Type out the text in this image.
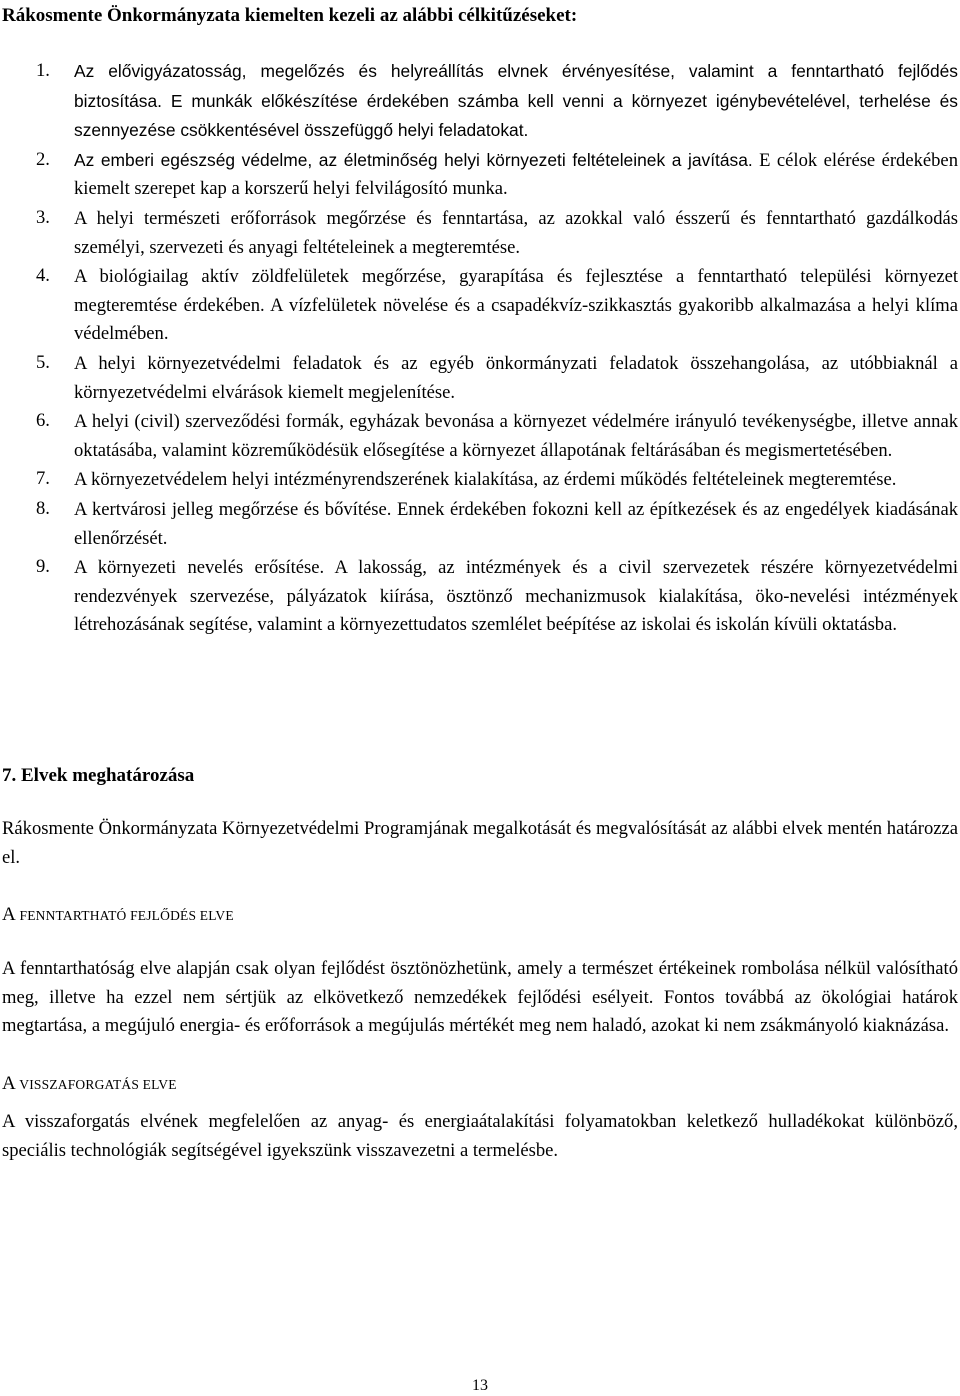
Rákosmente Önkormányzata kiemelten kezeli az alábbi célkitűzéseket:
1. Az elővigyázatosság, megelőzés és helyreállítás elvnek érvényesítése, valamint a fenntartható fejlődés biztosítása. E munkák előkészítése érdekében számba kell venni a környezet igénybevételével, terhelése és szennyezése csökkentésével összefüggő helyi feladatokat.
2. Az emberi egészség védelme, az életminőség helyi környezeti feltételeinek a javítása. E célok elérése érdekében kiemelt szerepet kap a korszerű helyi felvilágosító munka.
3. A helyi természeti erőforrások megőrzése és fenntartása, az azokkal való ésszerű és fenntartható gazdálkodás személyi, szervezeti és anyagi feltételeinek a megteremtése.
4. A biológiailag aktív zöldfelületek megőrzése, gyarapítása és fejlesztése a fenntartható települési környezet megteremtése érdekében. A vízfelületek növelése és a csapadékvíz-szikkasztás gyakoribb alkalmazása a helyi klíma védelmében.
5. A helyi környezetvédelmi feladatok és az egyéb önkormányzati feladatok összehangolása, az utóbbiaknál a környezetvédelmi elvárások kiemelt megjelenítése.
6. A helyi (civil) szerveződési formák, egyházak bevonása a környezet védelmére irányuló tevékenységbe, illetve annak oktatásába, valamint közreműködésük elősegítése a környezet állapotának feltárásában és megismertetésében.
7. A környezetvédelem helyi intézményrendszerének kialakítása, az érdemi működés feltételeinek megteremtése.
8. A kertvárosi jelleg megőrzése és bővítése. Ennek érdekében fokozni kell az építkezések és az engedélyek kiadásának ellenőrzését.
9. A környezeti nevelés erősítése. A lakosság, az intézmények és a civil szervezetek részére környezetvédelmi rendezvények szervezése, pályázatok kiírása, ösztönző mechanizmusok kialakítása, öko-nevelési intézmények létrehozásának segítése, valamint a környezettudatos szemlélet beépítése az iskolai és iskolán kívüli oktatásba.
7. Elvek meghatározása

Rákosmente Önkormányzata Környezetvédelmi Programjának megalkotását és megvalósítását az alábbi elvek mentén határozza el.

A FENNTARTHATÓ FEJLŐDÉS ELVE

A fenntarthatóság elve alapján csak olyan fejlődést ösztönözhetünk, amely a természet értékeinek rombolása nélkül valósítható meg, illetve ha ezzel nem sértjük az elkövetkező nemzedékek fejlődési esélyeit. Fontos továbbá az ökológiai határok megtartása, a megújuló energia- és erőforrások a megújulás mértékét meg nem haladó, azokat ki nem zsákmányoló kiaknázása.

A VISSZAFORGATÁS ELVE

A visszaforgatás elvének megfelelően az anyag- és energiaátalakítási folyamatokban keletkező hulladékokat különböző, speciális technológiák segítségével igyekszünk visszavezetni a termelésbe.

13
